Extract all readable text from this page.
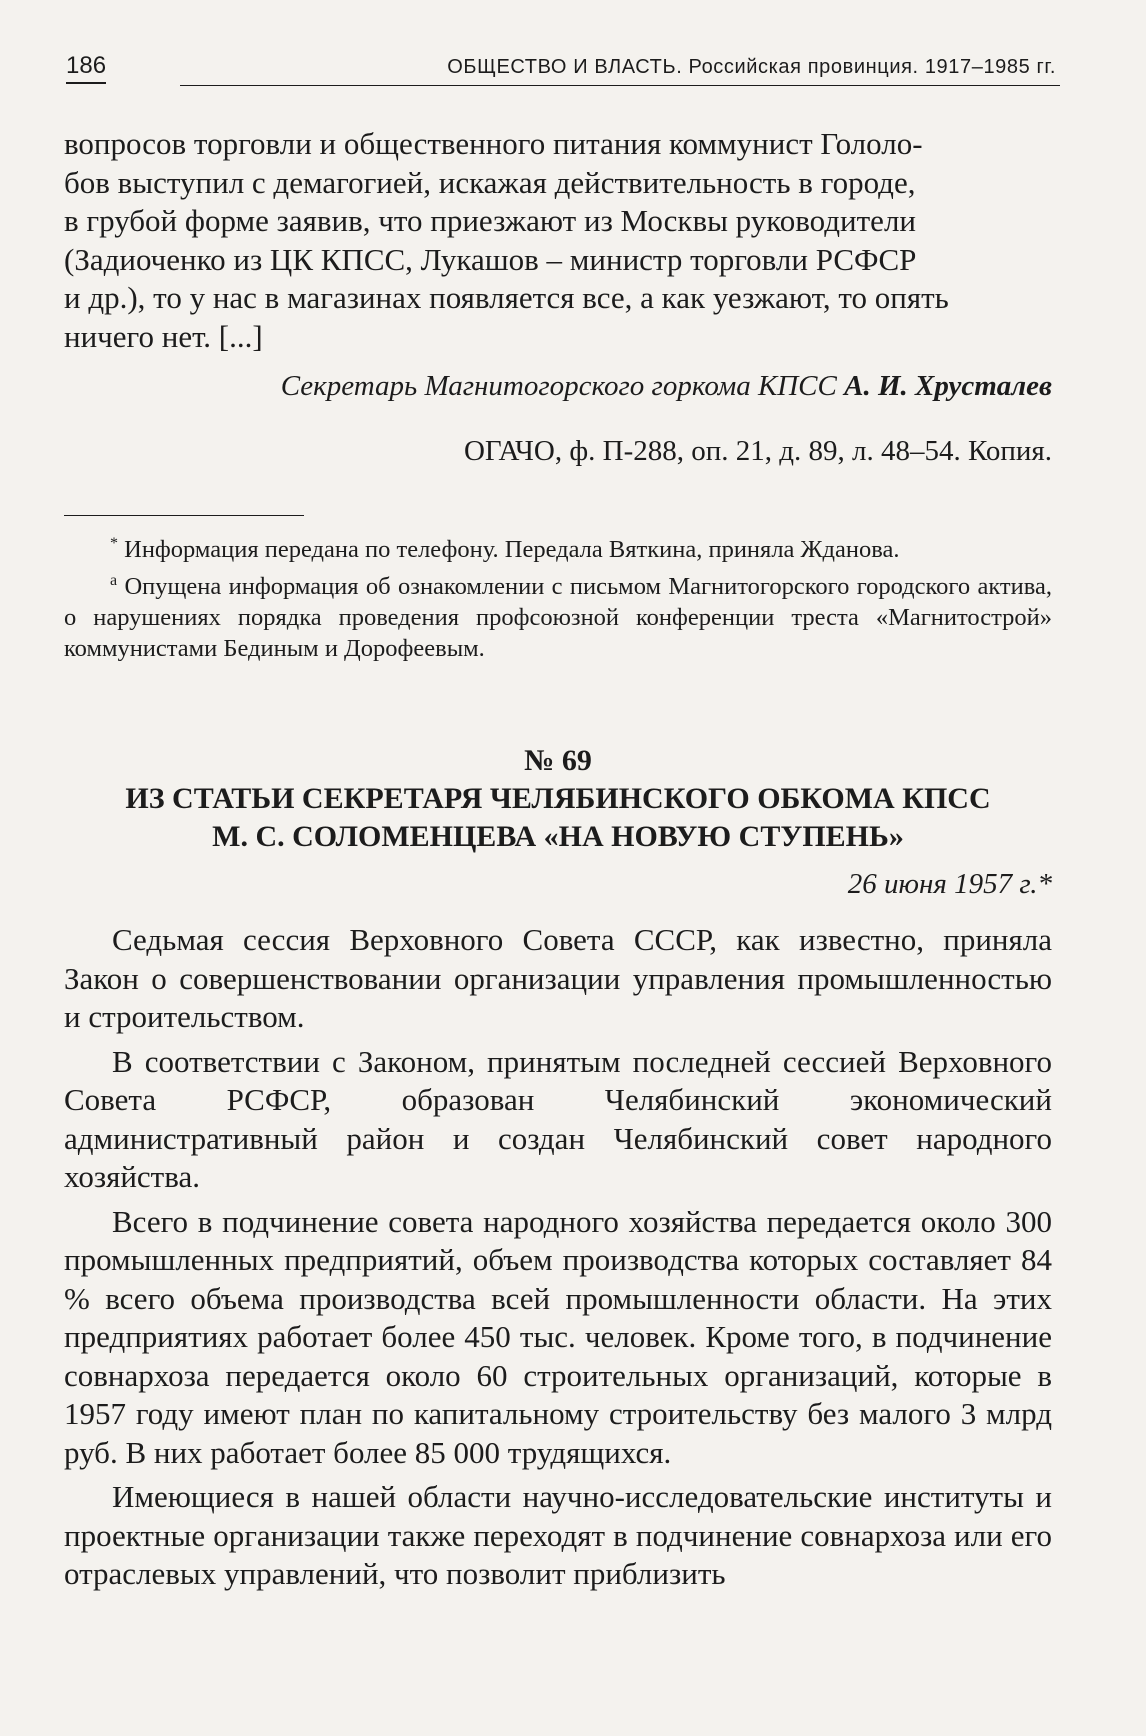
186	ОБЩЕСТВО И ВЛАСТЬ. Российская провинция. 1917–1985 гг.
вопросов торговли и общественного питания коммунист Гололо-
бов выступил с демагогией, искажая действительность в городе,
в грубой форме заявив, что приезжают из Москвы руководители
(Задиоченко из ЦК КПСС, Лукашов – министр торговли РСФСР
и др.), то у нас в магазинах появляется все, а как уезжают, то опять
ничего нет. [...]
Секретарь Магнитогорского горкома КПСС А. И. Хрусталев
ОГАЧО, ф. П-288, оп. 21, д. 89, л. 48–54. Копия.

* Информация передана по телефону. Передала Вяткина, приняла Жданова.

$^а$ Опущена информация об ознакомлении с письмом Магнитогорского городского актива, о нарушениях порядка проведения профсоюзной конференции треста «Магнитострой» коммунистами Бединым и Дорофеевым.

№ 69
ИЗ СТАТЬИ СЕКРЕТАРЯ ЧЕЛЯБИНСКОГО ОБКОМА КПСС
М. С. СОЛОМЕНЦЕВА «НА НОВУЮ СТУПЕНЬ»
26 июня 1957 г.*

Седьмая сессия Верховного Совета СССР, как известно, приняла Закон о совершенствовании организации управления промышленностью и строительством.

В соответствии с Законом, принятым последней сессией Верховного Совета РСФСР, образован Челябинский экономический административный район и создан Челябинский совет народного хозяйства.

Всего в подчинение совета народного хозяйства передается около 300 промышленных предприятий, объем производства которых составляет 84 % всего объема производства всей промышленности области. На этих предприятиях работает более 450 тыс. человек. Кроме того, в подчинение совнархоза передается около 60 строительных организаций, которые в 1957 году имеют план по капитальному строительству без малого 3 млрд руб. В них работает более 85 000 трудящихся.

Имеющиеся в нашей области научно-исследовательские институты и проектные организации также переходят в подчинение совнархоза или его отраслевых управлений, что позволит приблизить
